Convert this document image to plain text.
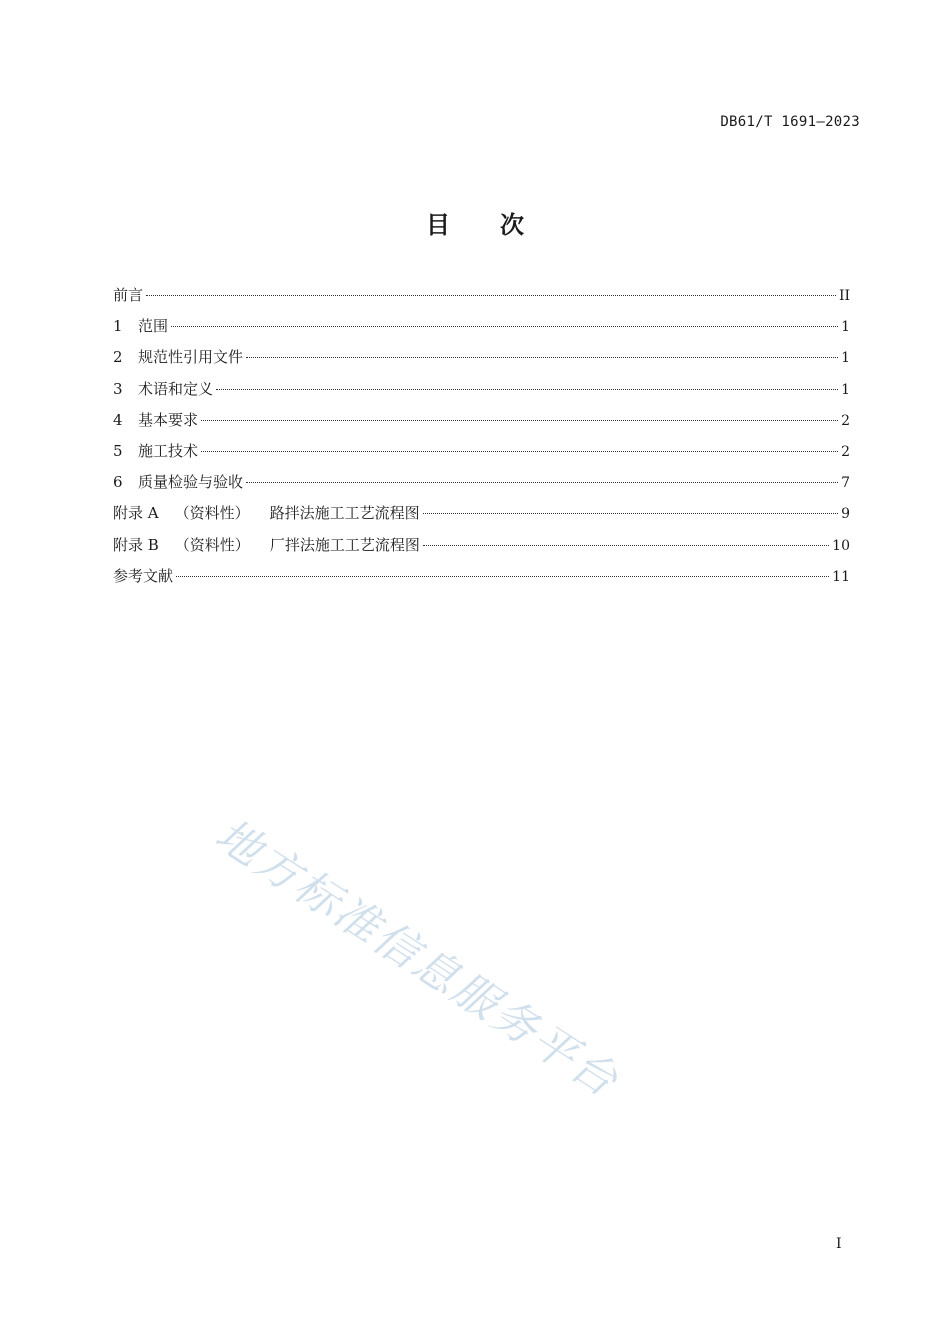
DB61/T 1691—2023
目 次
前言	II
1	范围	1
2	规范性引用文件	1
3	术语和定义	1
4	基本要求	2
5	施工技术	2
6	质量检验与验收	7
附录 A （资料性） 路拌法施工工艺流程图	9
附录 B （资料性） 厂拌法施工工艺流程图	10
参考文献	11
地方标准信息服务平台
I
